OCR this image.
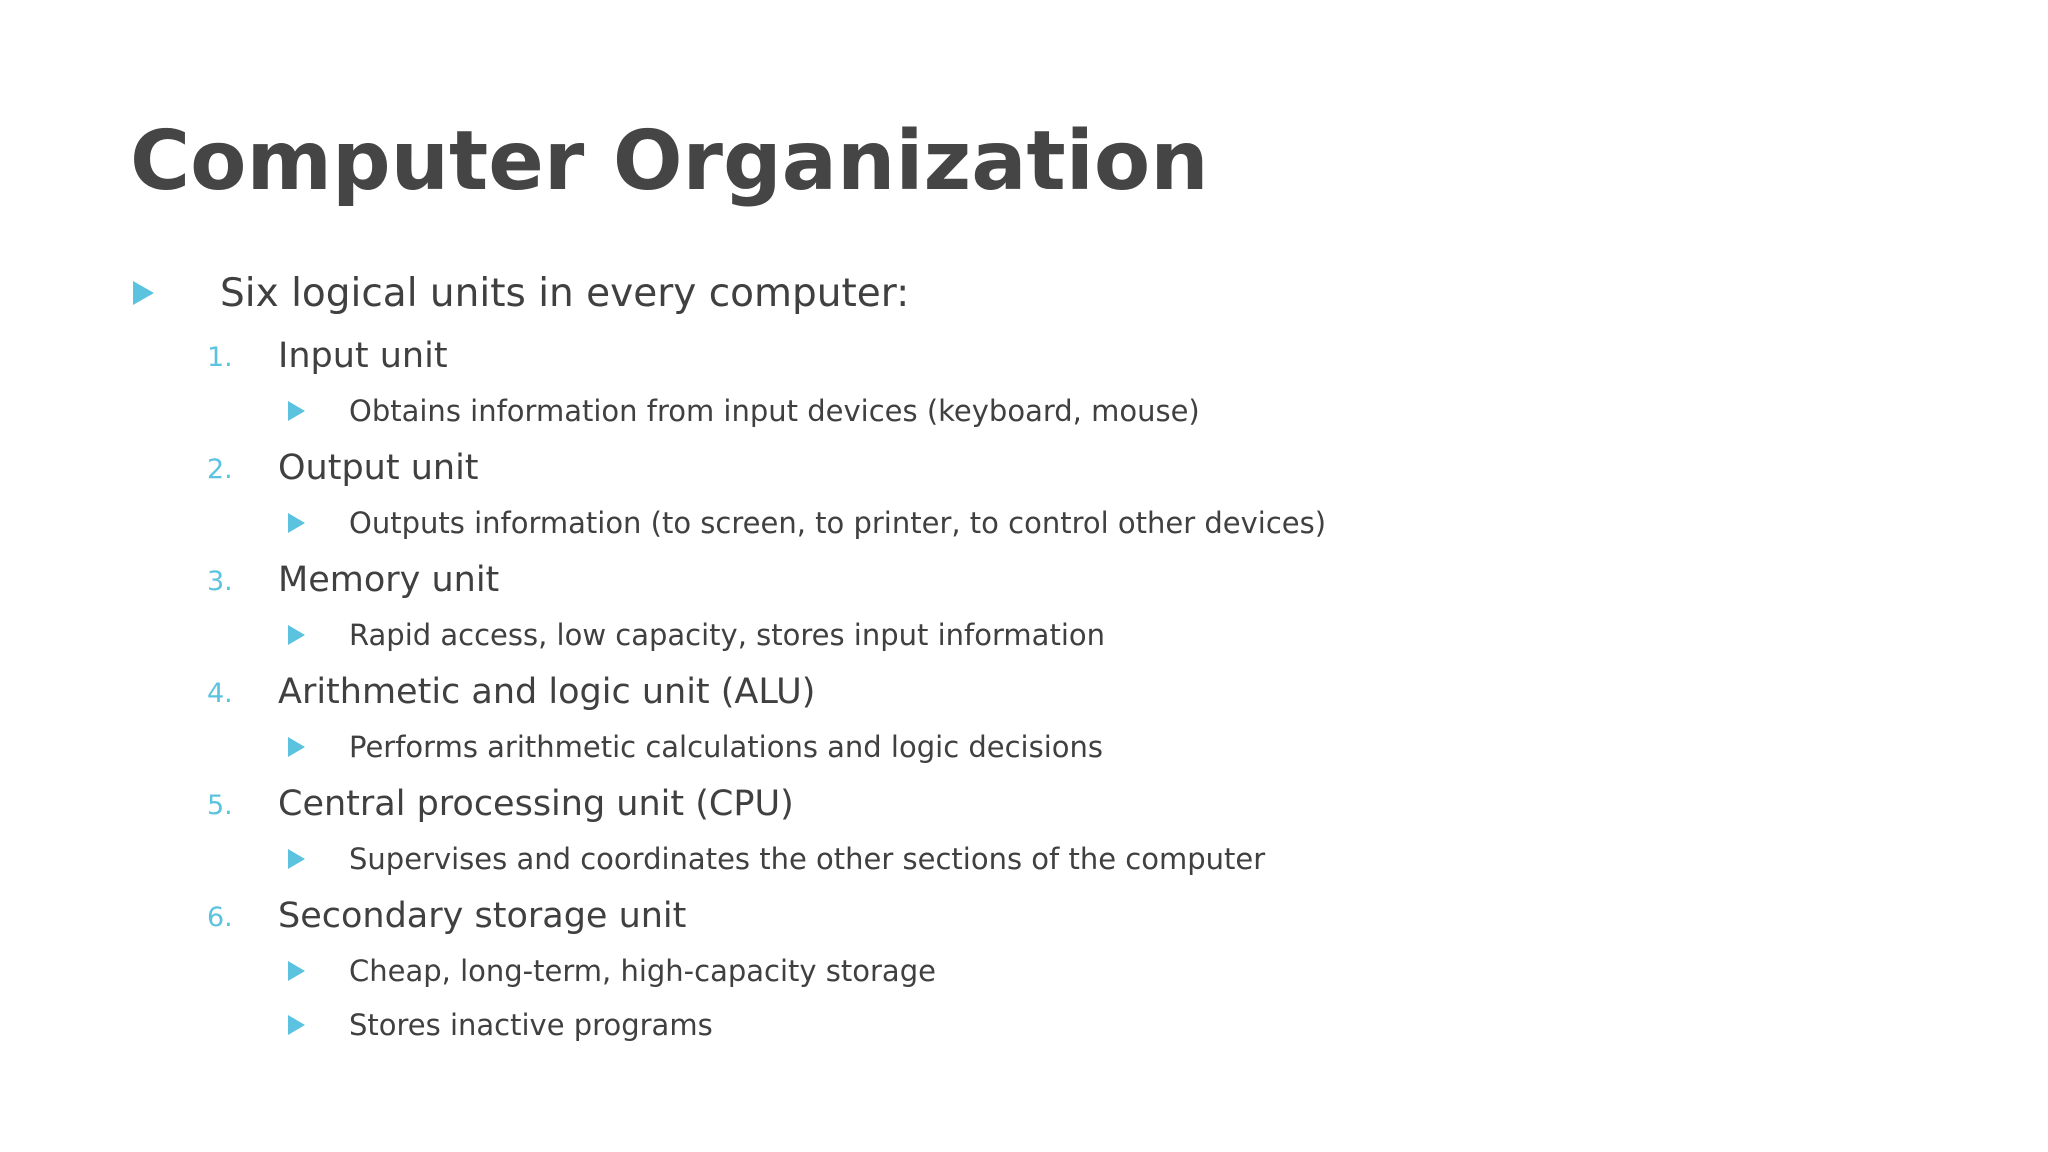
Computer Organization

Six logical units in every computer:

1. Input unit

Obtains information from input devices (keyboard, mouse)

2. Output unit

Outputs information (to screen, to printer, to control other devices)

3. Memory unit

Rapid access, low capacity, stores input information

4. Arithmetic and logic unit (ALU)

Performs arithmetic calculations and logic decisions

5. Central processing unit (CPU)

Supervises and coordinates the other sections of the computer

6. Secondary storage unit

Cheap, long-term, high-capacity storage

Stores inactive programs
